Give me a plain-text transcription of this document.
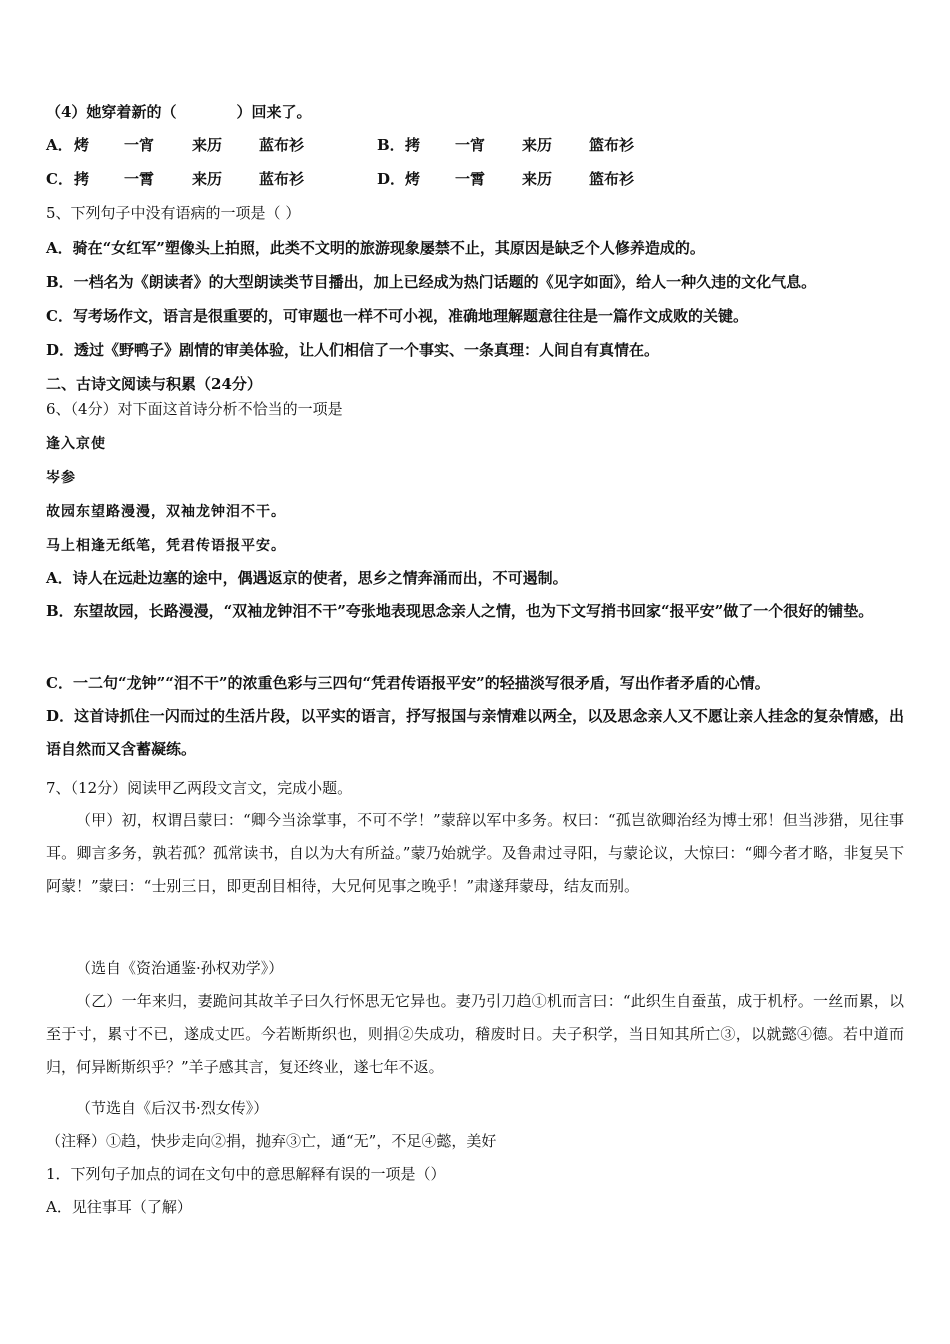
（4）她穿着新的（　　　　）回来了。
A．烤 一宵	来历 蓝布衫	B．拷 一宵 来历 篮布衫
C．拷 一霄	来历 蓝布衫	D．烤 一霄 来历 篮布衫
5、下列句子中没有语病的一项是（ ）
A．骑在“女红军”塑像头上拍照，此类不文明的旅游现象屡禁不止，其原因是缺乏个人修养造成的。
B．一档名为《朗读者》的大型朗读类节目播出，加上已经成为热门话题的《见字如面》，给人一种久违的文化气息。
C．写考场作文，语言是很重要的，可审题也一样不可小视，准确地理解题意往往是一篇作文成败的关键。
D．透过《野鸭子》剧情的审美体验，让人们相信了一个事实、一条真理：人间自有真情在。
二、古诗文阅读与积累（24分）
6、（4分）对下面这首诗分析不恰当的一项是
逢入京使
岑参
故园东望路漫漫，双袖龙钟泪不干。
马上相逢无纸笔，凭君传语报平安。
A．诗人在远赴边塞的途中，偶遇返京的使者，思乡之情奔涌而出，不可遏制。
B．东望故园，长路漫漫，“双袖龙钟泪不干”夸张地表现思念亲人之情，也为下文写捎书回家“报平安”做了一个很好的铺垫。
C．一二句“龙钟”“泪不干”的浓重色彩与三四句“凭君传语报平安”的轻描淡写很矛盾，写出作者矛盾的心情。
D．这首诗抓住一闪而过的生活片段，以平实的语言，抒写报国与亲情难以两全，以及思念亲人又不愿让亲人挂念的复杂情感，出语自然而又含蓄凝练。
7、（12分）阅读甲乙两段文言文，完成小题。
（甲）初，权谓吕蒙曰：“卿今当涂掌事，不可不学！”蒙辞以军中多务。权曰：“孤岂欲卿治经为博士邪！但当涉猎，见往事耳。卿言多务，孰若孤？孤常读书，自以为大有所益。”蒙乃始就学。及鲁肃过寻阳，与蒙论议，大惊曰：“卿今者才略，非复吴下阿蒙！”蒙曰：“士别三日，即更刮目相待，大兄何见事之晚乎！”肃遂拜蒙母，结友而别。
（选自《资治通鉴·孙权劝学》）
（乙）一年来归，妻跪问其故羊子曰久行怀思无它异也。妻乃引刀趋①机而言曰：“此织生自蚕茧，成于机杼。一丝而累，以至于寸，累寸不已，遂成丈匹。今若断斯织也，则捐②失成功，稽废时日。夫子积学，当日知其所亡③，以就懿④德。若中道而归，何异断斯织乎？”羊子感其言，复还终业，遂七年不返。
（节选自《后汉书·烈女传》）
（注释）①趋，快步走向②捐，抛弃③亡，通“无”，不足④懿，美好
1．下列句子加点的词在文句中的意思解释有误的一项是（）
A．见往事耳（了解）
